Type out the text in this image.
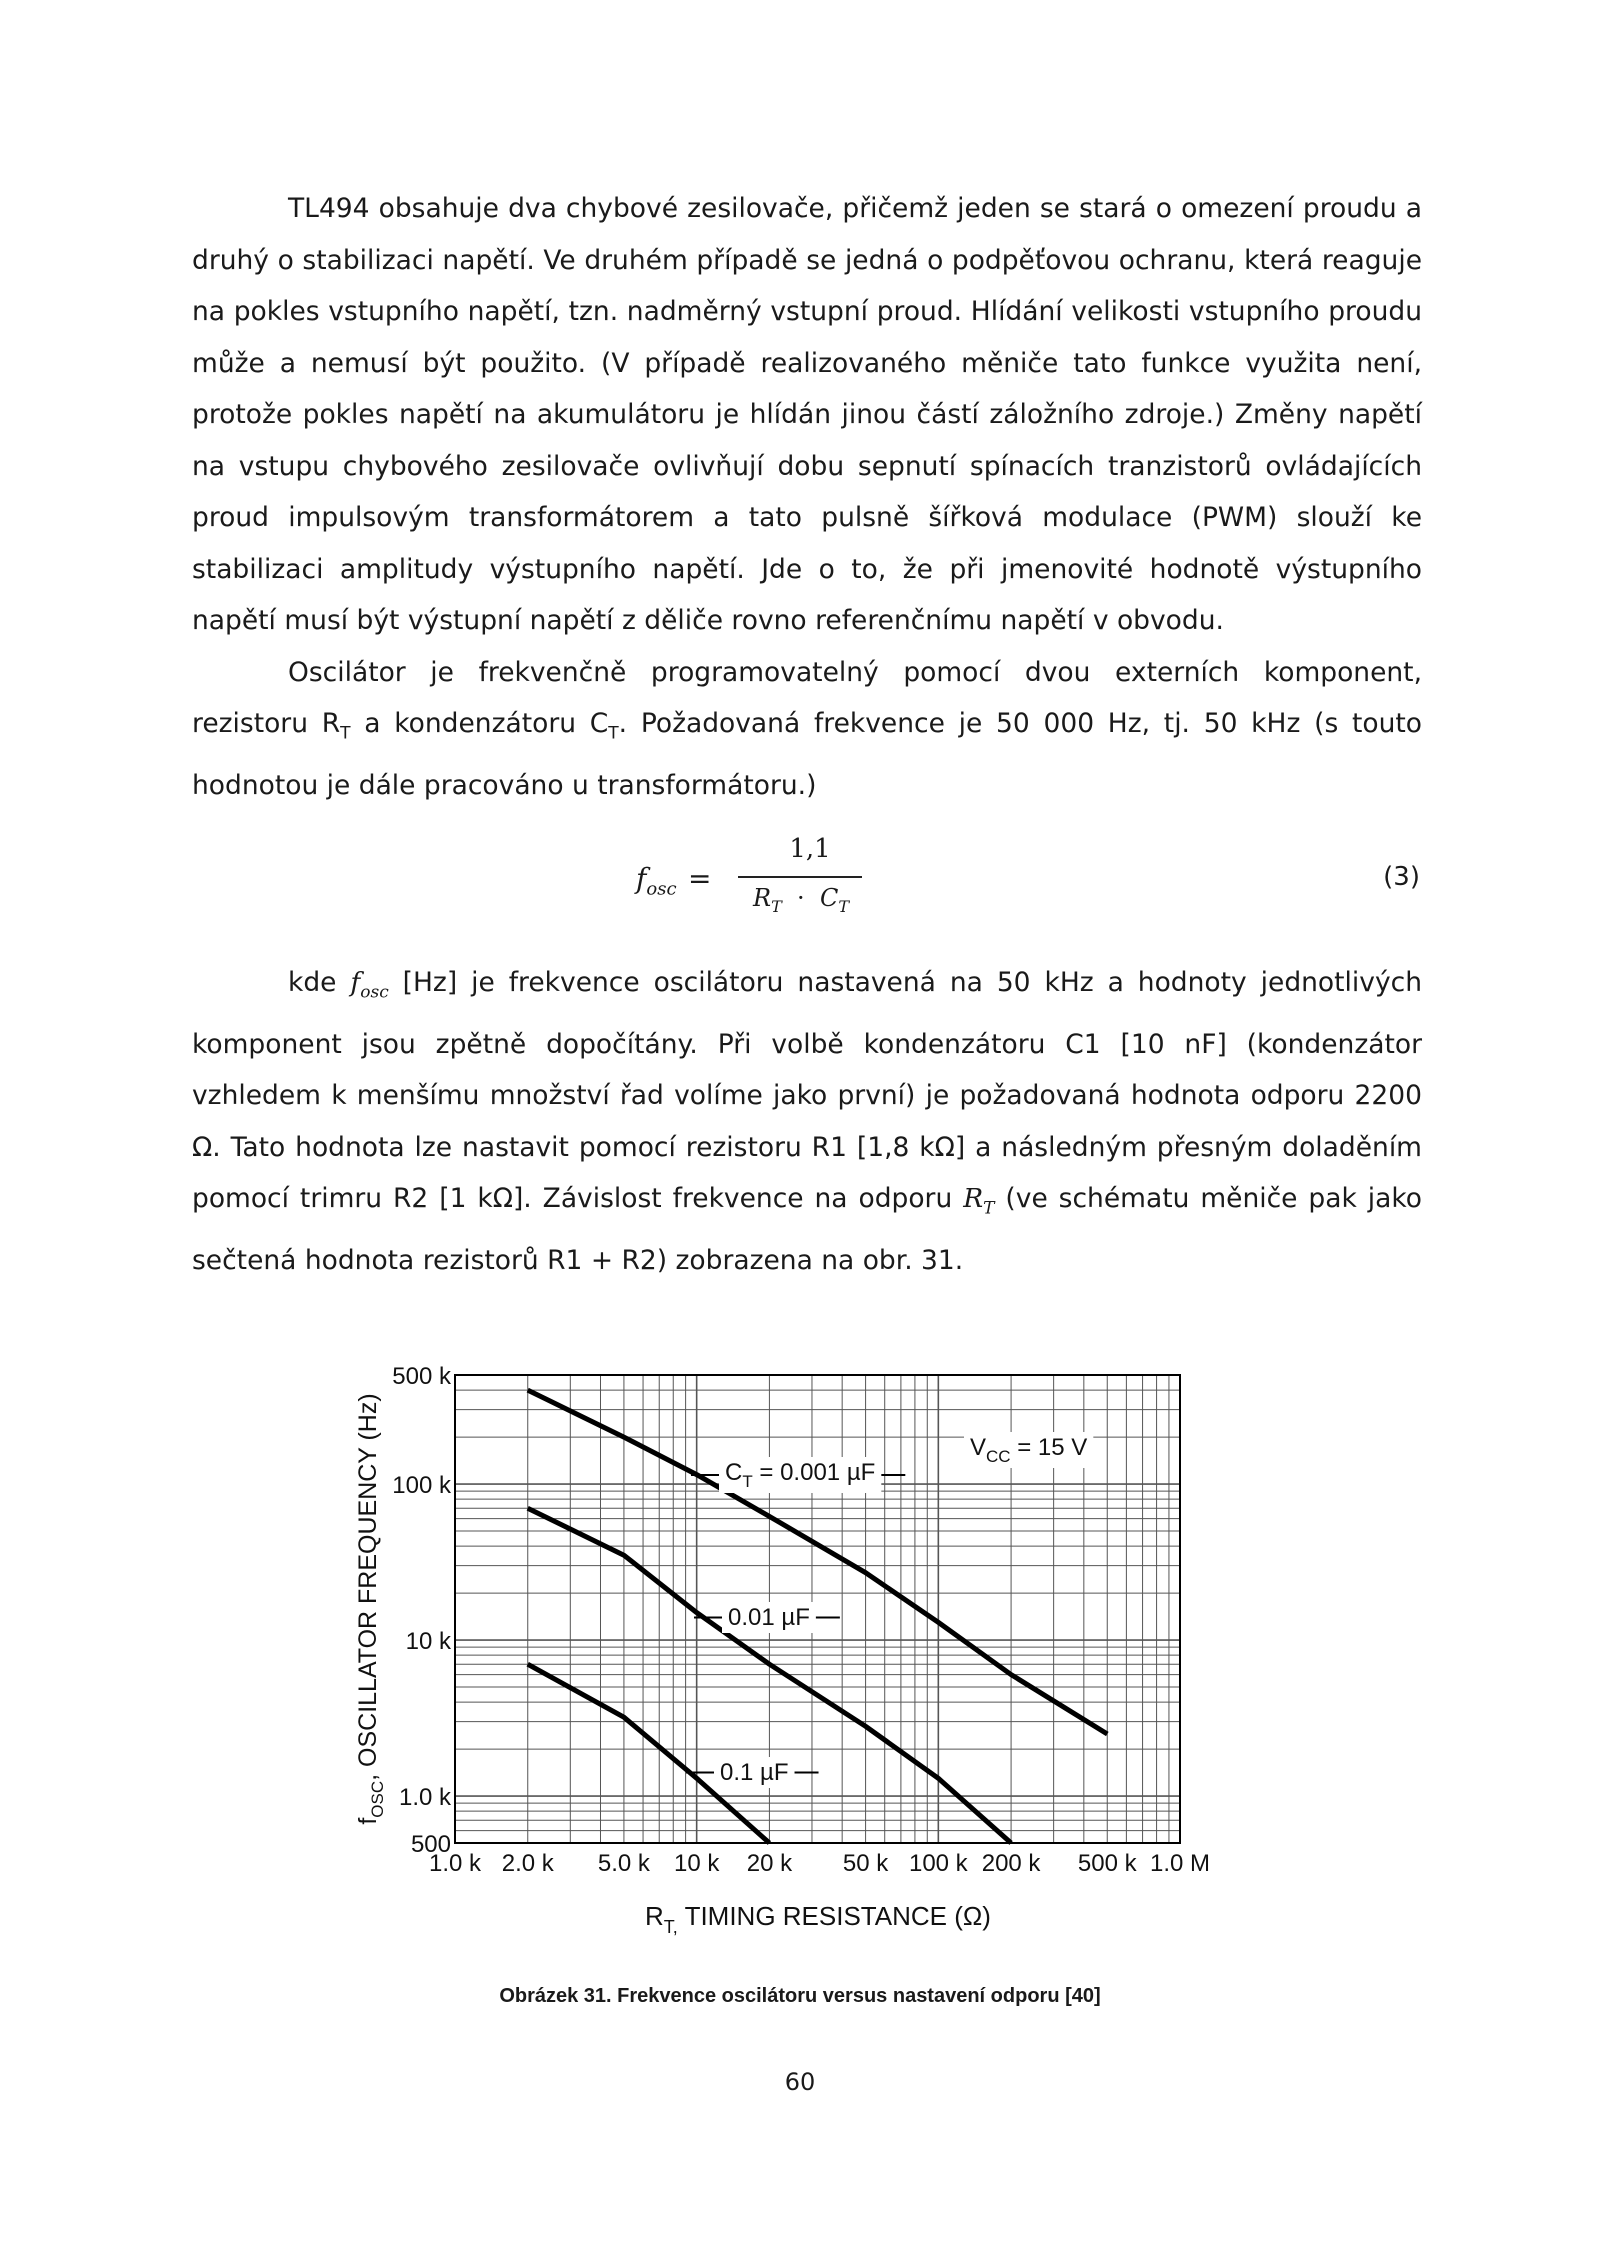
TL494 obsahuje dva chybové zesilovače, přičemž jeden se stará o omezení proudu a druhý o stabilizaci napětí. Ve druhém případě se jedná o podpěťovou ochranu, která reaguje na pokles vstupního napětí, tzn. nadměrný vstupní proud. Hlídání velikosti vstupního proudu může a nemusí být použito. (V případě realizovaného měniče tato funkce využita není, protože pokles napětí na akumulátoru je hlídán jinou částí záložního zdroje.) Změny napětí na vstupu chybového zesilovače ovlivňují dobu sepnutí spínacích tranzistorů ovládajících proud impulsovým transformátorem a tato pulsně šířková modulace (PWM) slouží ke stabilizaci amplitudy výstupního napětí. Jde o to, že při jmenovité hodnotě výstupního napětí musí být výstupní napětí z děliče rovno referenčnímu napětí v obvodu.

Oscilátor je frekvenčně programovatelný pomocí dvou externích komponent, rezistoru $R_T$ a kondenzátoru $C_T$. Požadovaná frekvence je 50 000 Hz, tj. 50 kHz (s touto hodnotou je dále pracováno u transformátoru.)

$f_{osc}$ =
1,1
$R_T \cdot C_T$
(3)

kde $f_{osc}$ [Hz] je frekvence oscilátoru nastavená na 50 kHz a hodnoty jednotlivých komponent jsou zpětně dopočítány. Při volbě kondenzátoru C1 [10 nF] (kondenzátor vzhledem k menšímu množství řad volíme jako první) je požadovaná hodnota odporu 2200 Ω. Tato hodnota lze nastavit pomocí rezistoru R1 [1,8 kΩ] a následným přesným doladěním pomocí trimru R2 [1 kΩ]. Závislost frekvence na odporu $R_T$ (ve schématu měniče pak jako sečtená hodnota rezistorů R1 + R2) zobrazena na obr. 31.

1.0 k 2.0 k 5.0 k 10 k 20 k 50 k 100 k 200 k 500 k 1.0 M
500
1.0 k
10 k
100 k
500 k
$C_T = 0.001$ µF
0.01 µF
0.1 µF
$V_{CC} = 15$ V
$R_{T,}$ TIMING RESISTANCE (Ω)
$f_{OSC}$, OSCILLATOR FREQUENCY (Hz)
Obrázek 31. Frekvence oscilátoru versus nastavení odporu [40]
60
